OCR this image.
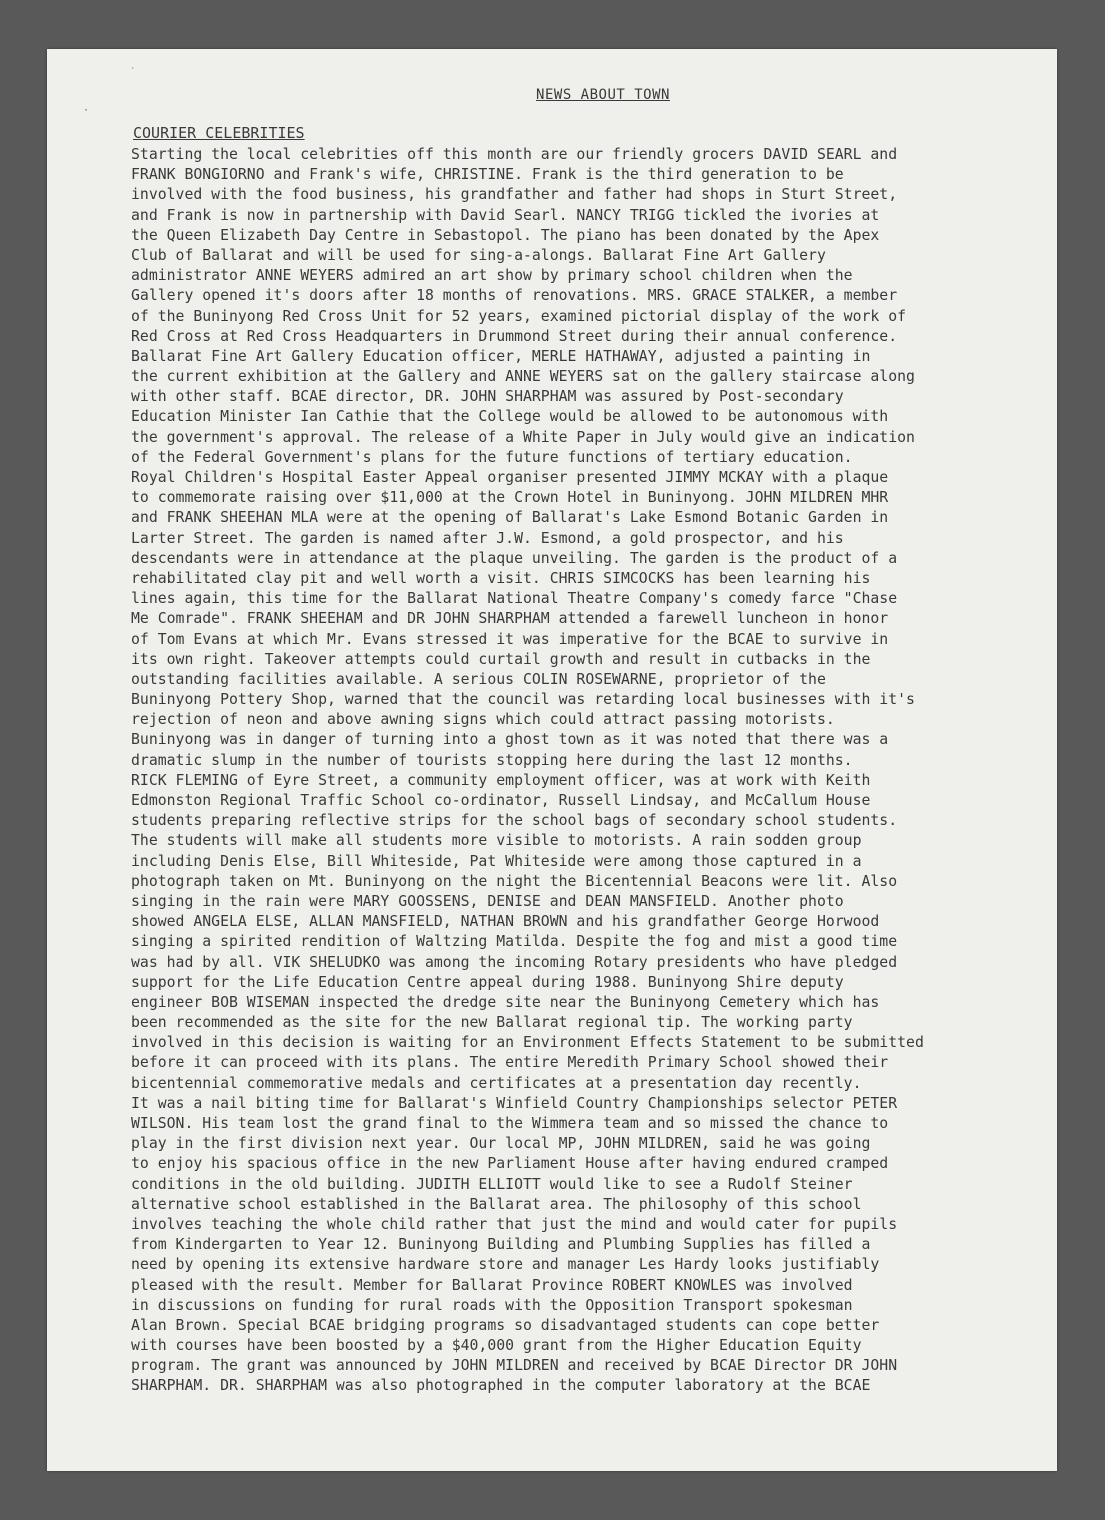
ˋ
·
NEWS ABOUT TOWN
COURIER CELEBRITIES
Starting the local celebrities off this month are our friendly grocers DAVID SEARL and
FRANK BONGIORNO and Frank's wife, CHRISTINE. Frank is the third generation to be
involved with the food business, his grandfather and father had shops in Sturt Street,
and Frank is now in partnership with David Searl. NANCY TRIGG tickled the ivories at
the Queen Elizabeth Day Centre in Sebastopol. The piano has been donated by the Apex
Club of Ballarat and will be used for sing-a-alongs. Ballarat Fine Art Gallery
administrator ANNE WEYERS admired an art show by primary school children when the
Gallery opened it's doors after 18 months of renovations. MRS. GRACE STALKER, a member
of the Buninyong Red Cross Unit for 52 years, examined pictorial display of the work of
Red Cross at Red Cross Headquarters in Drummond Street during their annual conference.
Ballarat Fine Art Gallery Education officer, MERLE HATHAWAY, adjusted a painting in
the current exhibition at the Gallery and ANNE WEYERS sat on the gallery staircase along
with other staff. BCAE director, DR. JOHN SHARPHAM was assured by Post-secondary
Education Minister Ian Cathie that the College would be allowed to be autonomous with
the government's approval. The release of a White Paper in July would give an indication
of the Federal Government's plans for the future functions of tertiary education.
Royal Children's Hospital Easter Appeal organiser presented JIMMY MCKAY with a plaque
to commemorate raising over $11,000 at the Crown Hotel in Buninyong. JOHN MILDREN MHR
and FRANK SHEEHAN MLA were at the opening of Ballarat's Lake Esmond Botanic Garden in
Larter Street. The garden is named after J.W. Esmond, a gold prospector, and his
descendants were in attendance at the plaque unveiling. The garden is the product of a
rehabilitated clay pit and well worth a visit. CHRIS SIMCOCKS has been learning his
lines again, this time for the Ballarat National Theatre Company's comedy farce "Chase
Me Comrade". FRANK SHEEHAM and DR JOHN SHARPHAM attended a farewell luncheon in honor
of Tom Evans at which Mr. Evans stressed it was imperative for the BCAE to survive in
its own right. Takeover attempts could curtail growth and result in cutbacks in the
outstanding facilities available. A serious COLIN ROSEWARNE, proprietor of the
Buninyong Pottery Shop, warned that the council was retarding local businesses with it's
rejection of neon and above awning signs which could attract passing motorists.
Buninyong was in danger of turning into a ghost town as it was noted that there was a
dramatic slump in the number of tourists stopping here during the last 12 months.
RICK FLEMING of Eyre Street, a community employment officer, was at work with Keith
Edmonston Regional Traffic School co-ordinator, Russell Lindsay, and McCallum House
students preparing reflective strips for the school bags of secondary school students.
The students will make all students more visible to motorists. A rain sodden group
including Denis Else, Bill Whiteside, Pat Whiteside were among those captured in a
photograph taken on Mt. Buninyong on the night the Bicentennial Beacons were lit. Also
singing in the rain were MARY GOOSSENS, DENISE and DEAN MANSFIELD. Another photo
showed ANGELA ELSE, ALLAN MANSFIELD, NATHAN BROWN and his grandfather George Horwood
singing a spirited rendition of Waltzing Matilda. Despite the fog and mist a good time
was had by all. VIK SHELUDKO was among the incoming Rotary presidents who have pledged
support for the Life Education Centre appeal during 1988. Buninyong Shire deputy
engineer BOB WISEMAN inspected the dredge site near the Buninyong Cemetery which has
been recommended as the site for the new Ballarat regional tip. The working party
involved in this decision is waiting for an Environment Effects Statement to be submitted
before it can proceed with its plans. The entire Meredith Primary School showed their
bicentennial commemorative medals and certificates at a presentation day recently.
It was a nail biting time for Ballarat's Winfield Country Championships selector PETER
WILSON. His team lost the grand final to the Wimmera team and so missed the chance to
play in the first division next year. Our local MP, JOHN MILDREN, said he was going
to enjoy his spacious office in the new Parliament House after having endured cramped
conditions in the old building. JUDITH ELLIOTT would like to see a Rudolf Steiner
alternative school established in the Ballarat area. The philosophy of this school
involves teaching the whole child rather that just the mind and would cater for pupils
from Kindergarten to Year 12. Buninyong Building and Plumbing Supplies has filled a
need by opening its extensive hardware store and manager Les Hardy looks justifiably
pleased with the result. Member for Ballarat Province ROBERT KNOWLES was involved
in discussions on funding for rural roads with the Opposition Transport spokesman
Alan Brown. Special BCAE bridging programs so disadvantaged students can cope better
with courses have been boosted by a $40,000 grant from the Higher Education Equity
program. The grant was announced by JOHN MILDREN and received by BCAE Director DR JOHN
SHARPHAM. DR. SHARPHAM was also photographed in the computer laboratory at the BCAE
